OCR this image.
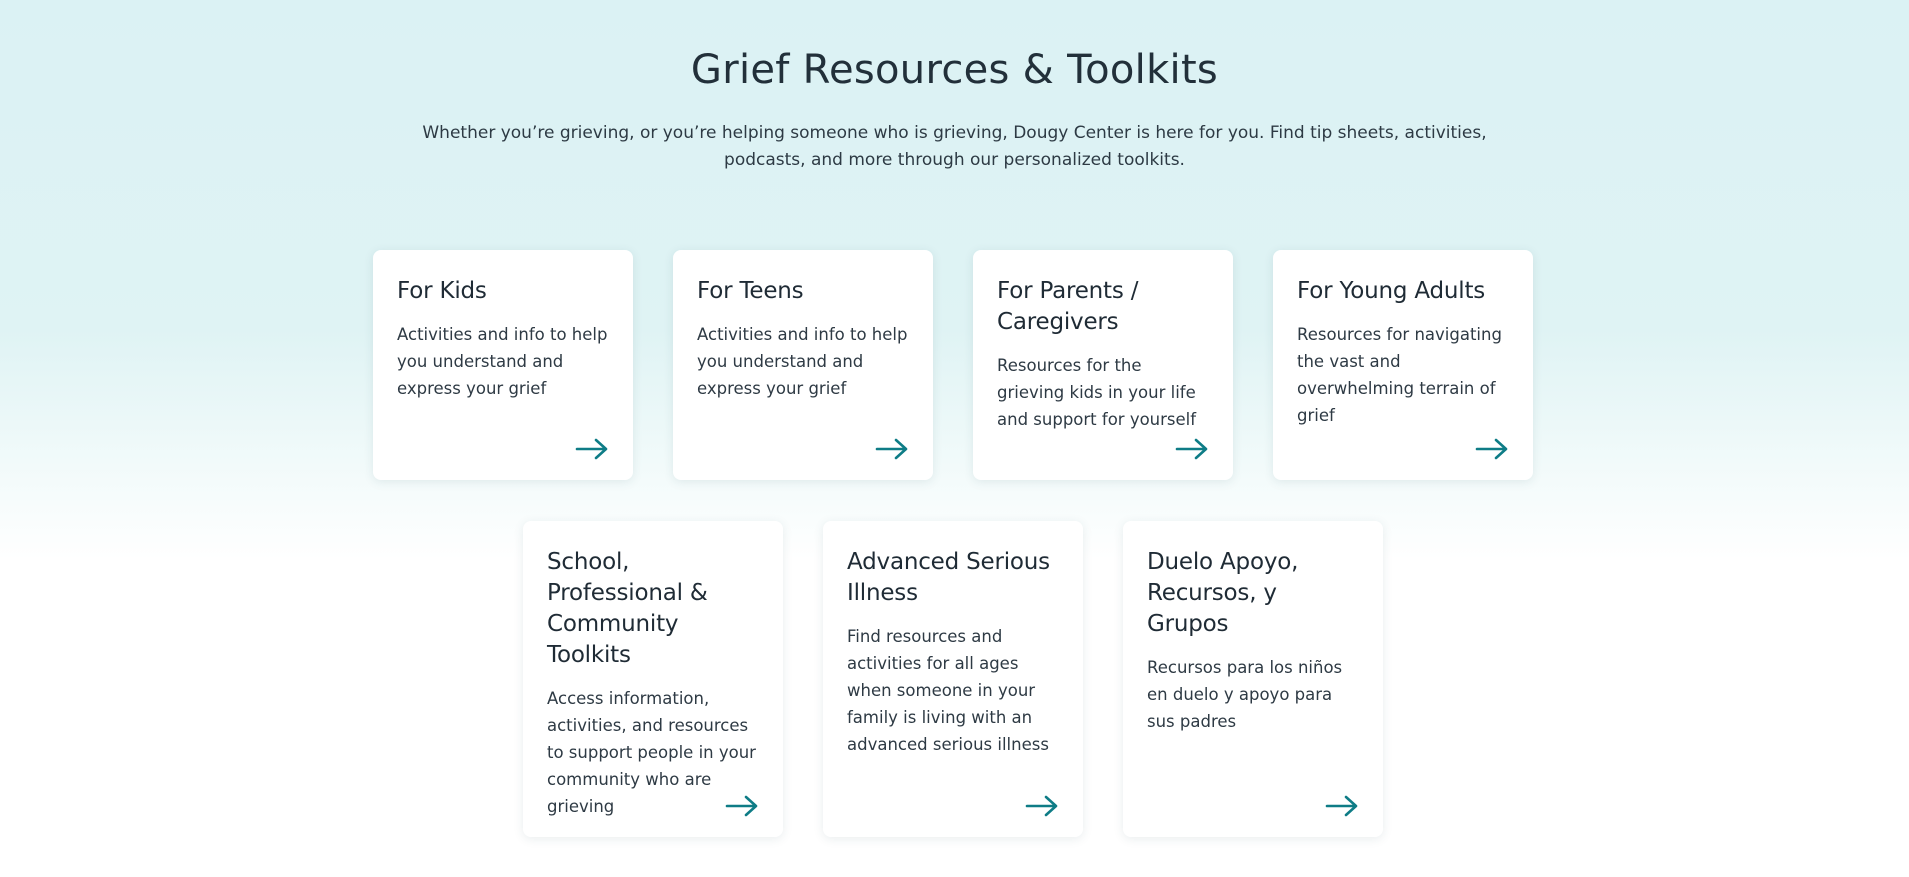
Grief Resources & Toolkits

Whether you’re grieving, or you’re helping someone who is grieving, Dougy Center is here for you. Find tip sheets, activities, podcasts, and more through our personalized toolkits.

For Kids

Activities and info to help you understand and express your grief

For Teens

Activities and info to help you understand and express your grief

For Parents / Caregivers

Resources for the grieving kids in your life and support for yourself

For Young Adults

Resources for navigating the vast and overwhelming terrain of grief

School, Professional & Community Toolkits

Access information, activities, and resources to support people in your community who are grieving

Advanced Serious Illness

Find resources and activities for all ages when someone in your family is living with an advanced serious illness

Duelo Apoyo, Recursos, y Grupos

Recursos para los niños en duelo y apoyo para sus padres
